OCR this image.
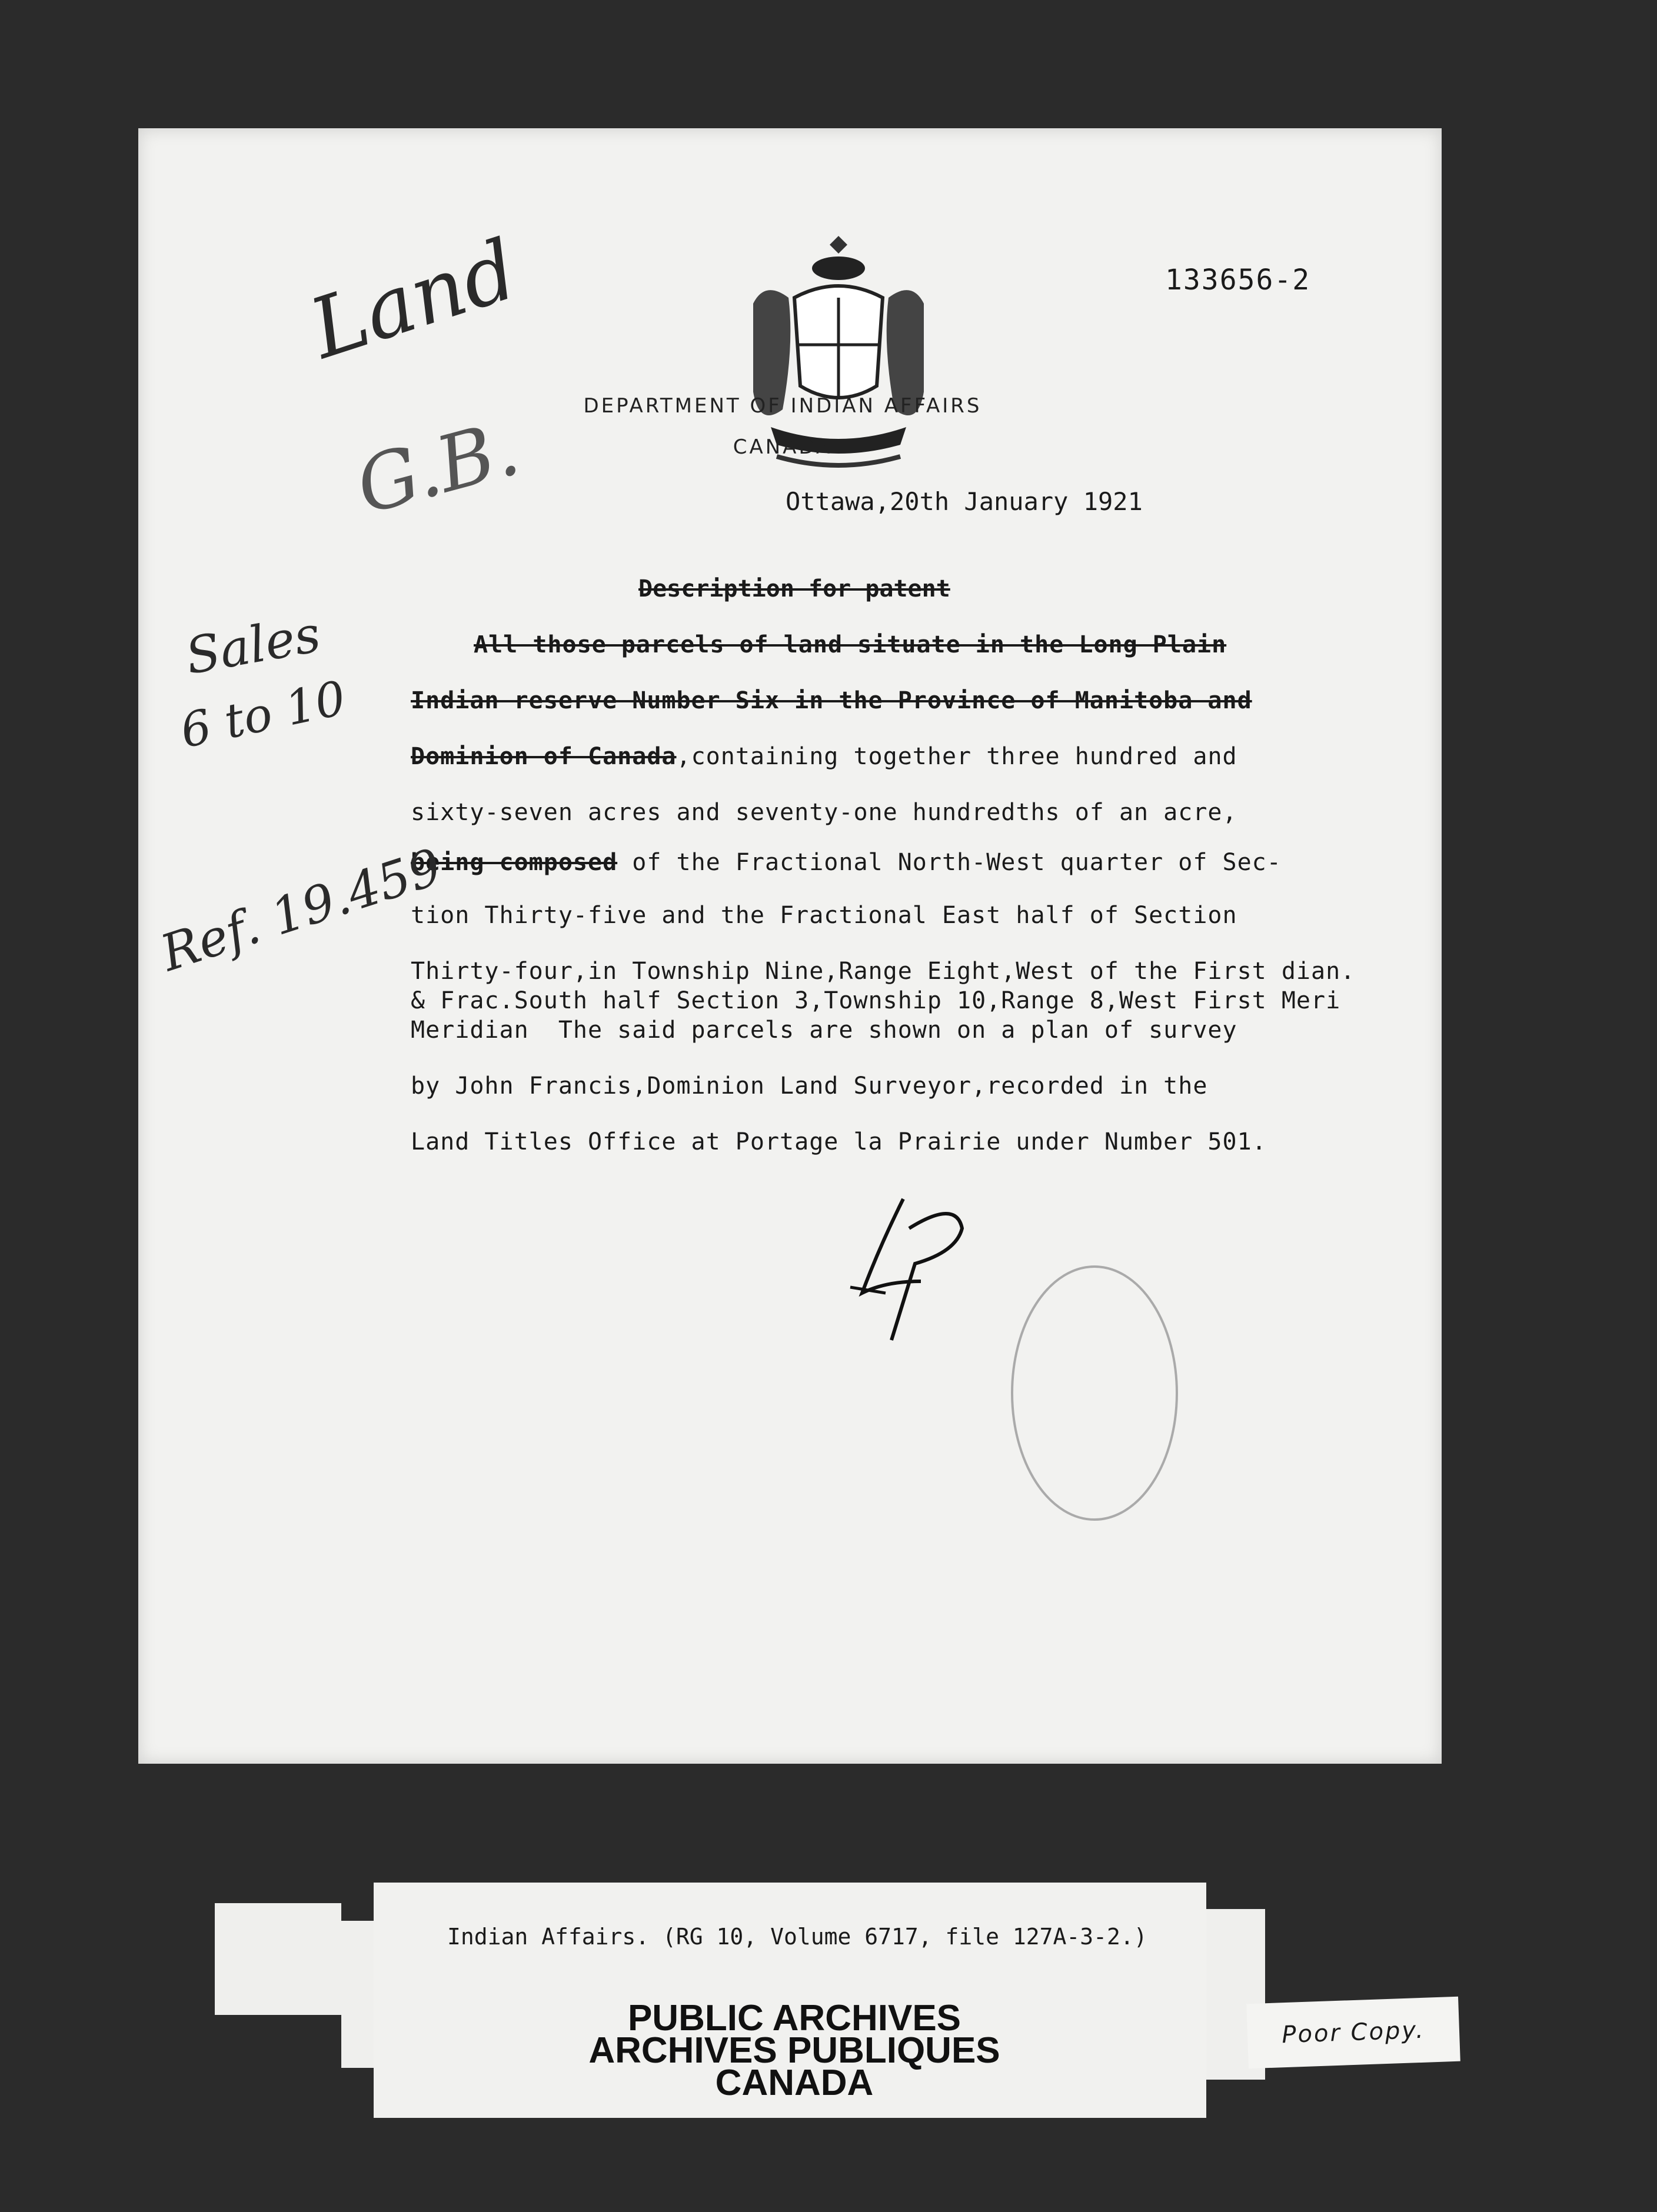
133656-2
DEPARTMENT OF INDIAN AFFAIRS
CANADA
Ottawa,20th January 1921
Description for patent
All those parcels of land situate in the Long Plain
Indian reserve Number Six in the Province of Manitoba and
Dominion of Canada,containing together three hundred and
sixty-seven acres and seventy-one hundredths of an acre,
being composed of the Fractional North-West quarter of Sec-
tion Thirty-five and the Fractional East half of Section
Thirty-four,in Township Nine,Range Eight,West of the First dian.
& Frac.South half Section 3,Township 10,Range 8,West First Meri
Meridian  The said parcels are shown on a plan of survey
by John Francis,Dominion Land Surveyor,recorded in the
Land Titles Office at Portage la Prairie under Number 501.
Land
G.B.
Sales
6 to 10
Ref. 19.459
Indian Affairs. (RG 10, Volume 6717, file 127A-3-2.)
PUBLIC ARCHIVES
ARCHIVES PUBLIQUES
CANADA
Poor Copy.
